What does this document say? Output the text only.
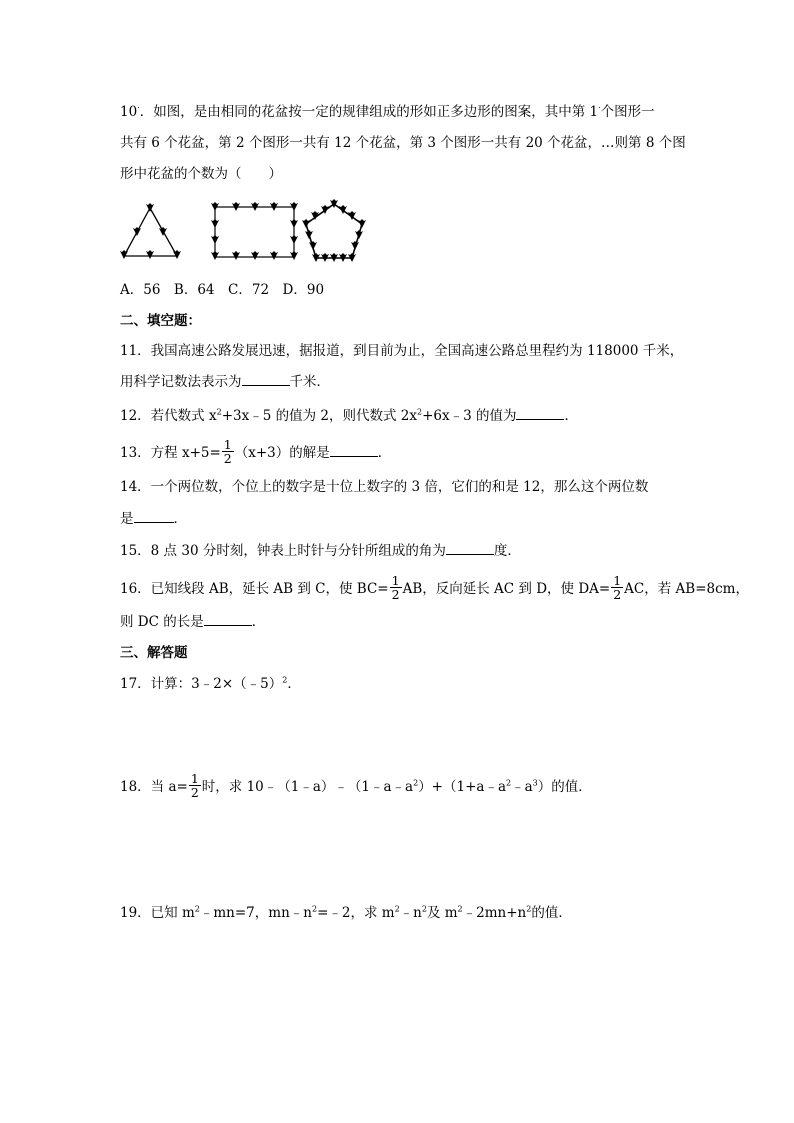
10·．如图，是由相同的花盆按一定的规律组成的形如正多边形的图案，其中第 1·个图形一
共有 6 个花盆，第 2 个图形一共有 12 个花盆，第 3 个图形一共有 20 个花盆，…则第 8 个图
形中花盆的个数为（　　）
A．56　B．64　C．72　D．90
二、填空题：
11．我国高速公路发展迅速，据报道，到目前为止，全国高速公路总里程约为 118000 千米，
用科学记数法表示为	千米．
12．若代数式 $x^2+3x﹣5$ 的值为 2，则代数式 $2x^2+6x﹣3$ 的值为	．
13．方程 $x+5= \frac{1}{2} (x+3)$的解是	．
14．一个两位数，个位上的数字是十位上数字的 3 倍，它们的和是 12，那么这个两位数
是	．
15．8 点 30 分时刻，钟表上时针与分针所组成的角为	度．
16．已知线段 AB，延长 AB 到 C，使 $BC= \frac{1}{2}$ AB，反向延长 AC 到 D，使 $DA= \frac{1}{2}$ AC，若 AB=8cm，
则 DC 的长是	．
三、解答题
17．计算：3﹣2×（﹣5）$^2$．
18．当 $a= \frac{1}{2}$ 时，求 $10﹣(1﹣a)﹣(1﹣a﹣a^2)+(1+a﹣a^2﹣a^3)$的值．
19．已知 $m^2﹣mn=7$，$mn﹣n^2=﹣2$，求 $m^2﹣n^2$及 $m^2﹣2mn+n^2$的值．
